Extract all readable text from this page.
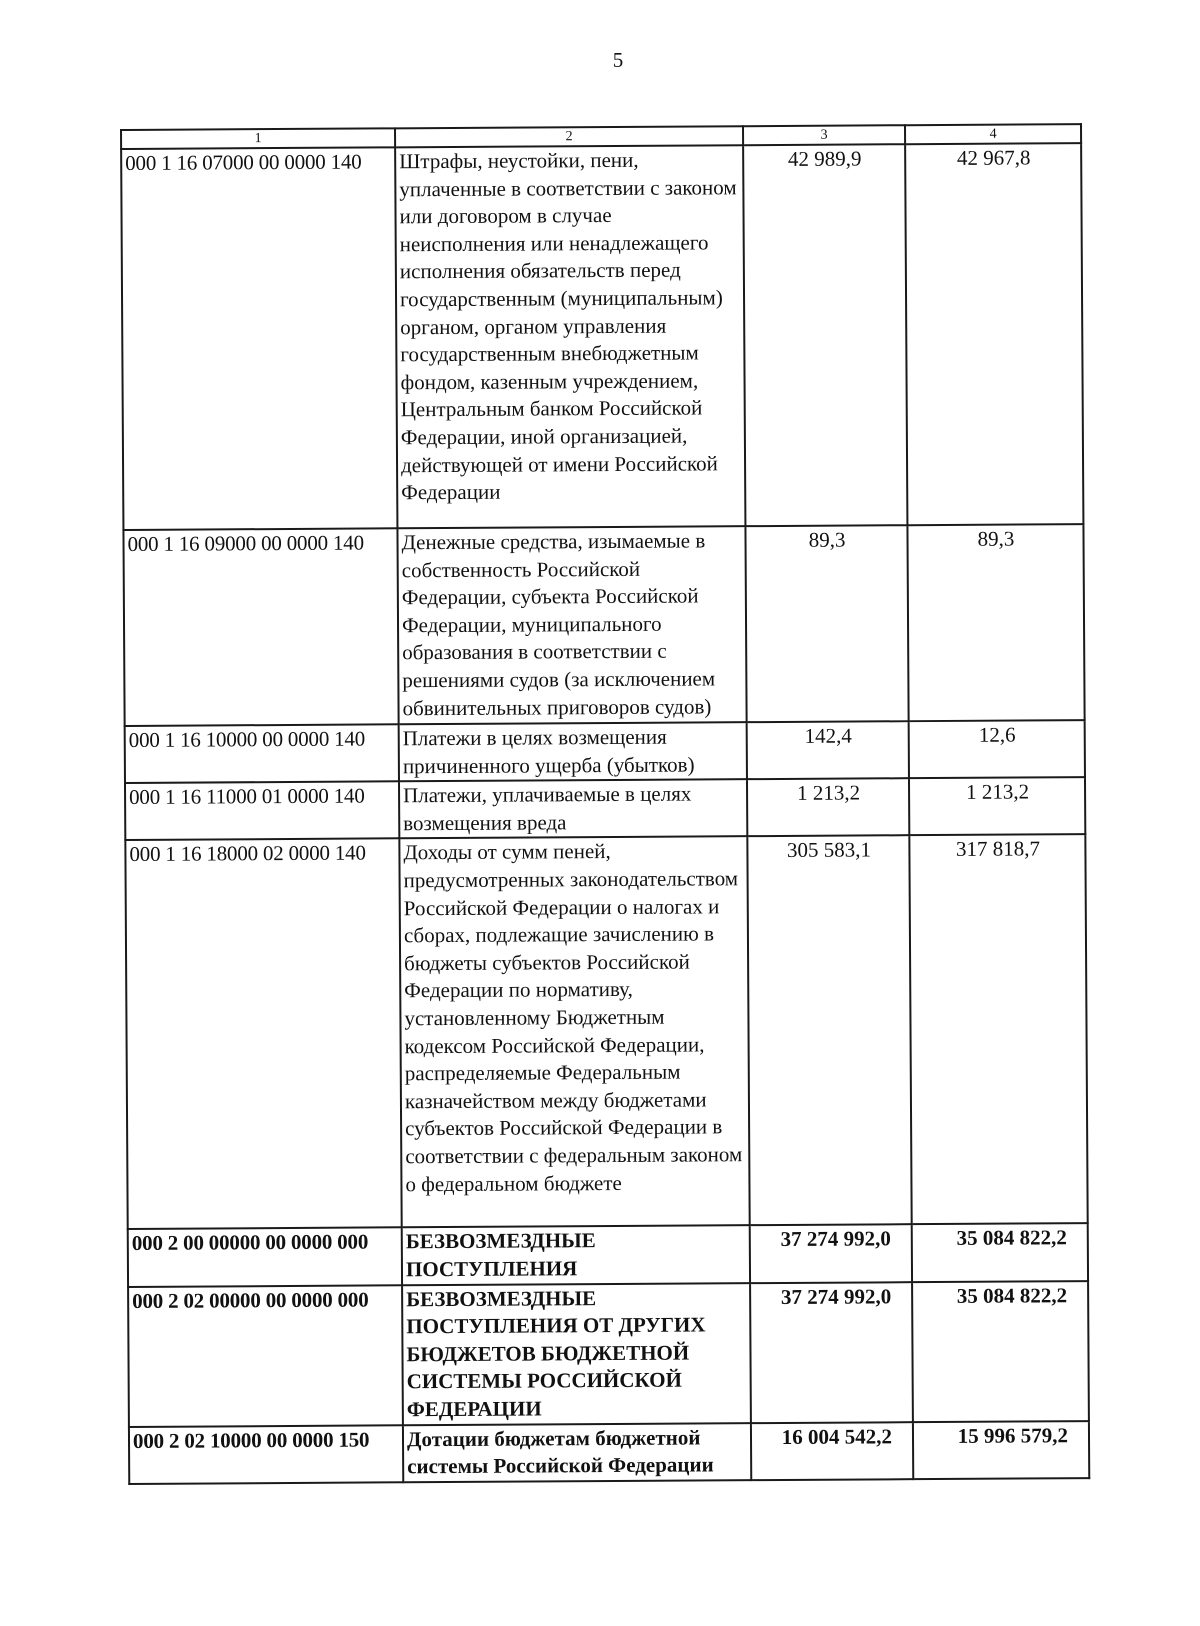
5
1	2	3	4
000 1 16 07000 00 0000 140	Штрафы, неустойки, пени, уплаченные в соответствии с законом или договором в случае неисполнения или ненадлежащего исполнения обязательств перед государственным (муниципальным) органом, органом управления государственным внебюджетным фондом, казенным учреждением, Центральным банком Российской Федерации, иной организацией, действующей от имени Российской Федерации	42 989,9	42 967,8
000 1 16 09000 00 0000 140	Денежные средства, изымаемые в собственность Российской Федерации, субъекта Российской Федерации, муниципального образования в соответствии с решениями судов (за исключением обвинительных приговоров судов)	89,3	89,3
000 1 16 10000 00 0000 140	Платежи в целях возмещения причиненного ущерба (убытков)	142,4	12,6
000 1 16 11000 01 0000 140	Платежи, уплачиваемые в целях возмещения вреда	1 213,2	1 213,2
000 1 16 18000 02 0000 140	Доходы от сумм пеней, предусмотренных законодательством Российской Федерации о налогах и сборах, подлежащие зачислению в бюджеты субъектов Российской Федерации по нормативу, установленному Бюджетным кодексом Российской Федерации, распределяемые Федеральным казначейством между бюджетами субъектов Российской Федерации в соответствии с федеральным законом о федеральном бюджете	305 583,1	317 818,7
000 2 00 00000 00 0000 000	БЕЗВОЗМЕЗДНЫЕ ПОСТУПЛЕНИЯ	37 274 992,0	35 084 822,2
000 2 02 00000 00 0000 000	БЕЗВОЗМЕЗДНЫЕ ПОСТУПЛЕНИЯ ОТ ДРУГИХ БЮДЖЕТОВ БЮДЖЕТНОЙ СИСТЕМЫ РОССИЙСКОЙ ФЕДЕРАЦИИ	37 274 992,0	35 084 822,2
000 2 02 10000 00 0000 150	Дотации бюджетам бюджетной системы Российской Федерации	16 004 542,2	15 996 579,2
